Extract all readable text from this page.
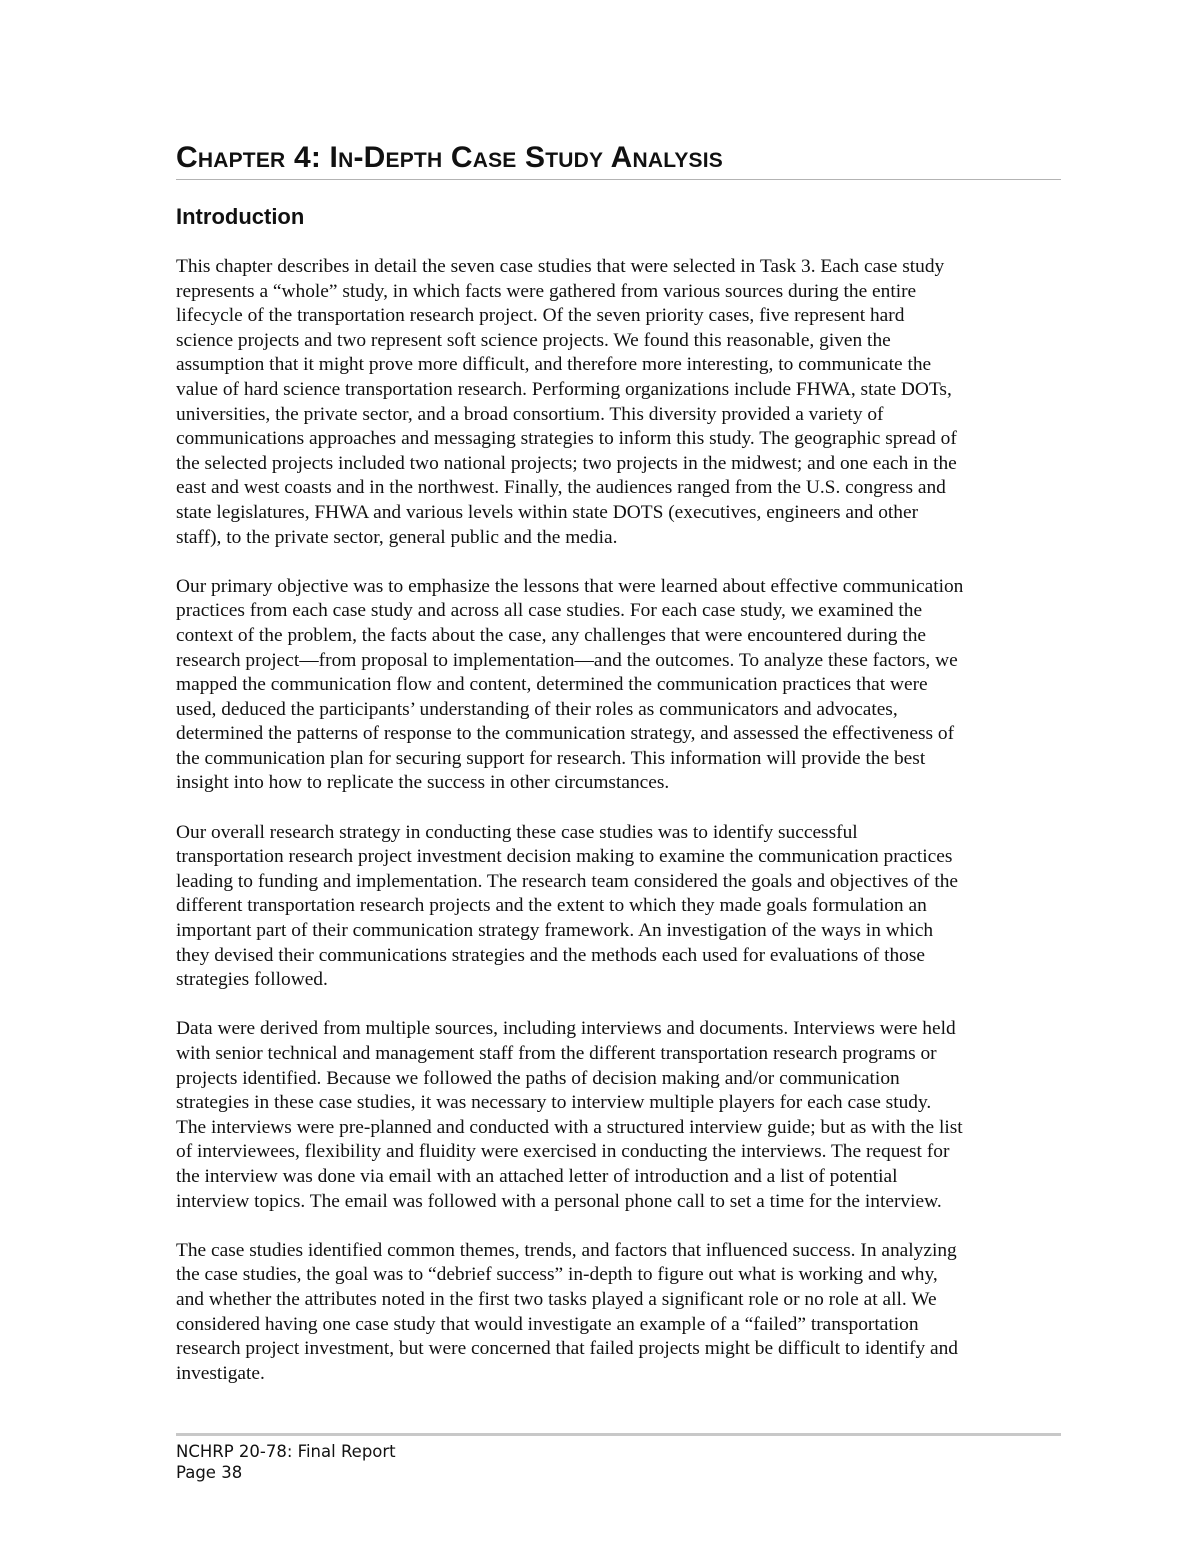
Chapter 4: In-Depth Case Study Analysis
Introduction

This chapter describes in detail the seven case studies that were selected in Task 3. Each case study
represents a “whole” study, in which facts were gathered from various sources during the entire
lifecycle of the transportation research project. Of the seven priority cases, five represent hard
science projects and two represent soft science projects. We found this reasonable, given the
assumption that it might prove more difficult, and therefore more interesting, to communicate the
value of hard science transportation research. Performing organizations include FHWA, state DOTs,
universities, the private sector, and a broad consortium. This diversity provided a variety of
communications approaches and messaging strategies to inform this study. The geographic spread of
the selected projects included two national projects; two projects in the midwest; and one each in the
east and west coasts and in the northwest. Finally, the audiences ranged from the U.S. congress and
state legislatures, FHWA and various levels within state DOTS (executives, engineers and other
staff), to the private sector, general public and the media.

Our primary objective was to emphasize the lessons that were learned about effective communication
practices from each case study and across all case studies. For each case study, we examined the
context of the problem, the facts about the case, any challenges that were encountered during the
research project—from proposal to implementation—and the outcomes. To analyze these factors, we
mapped the communication flow and content, determined the communication practices that were
used, deduced the participants’ understanding of their roles as communicators and advocates,
determined the patterns of response to the communication strategy, and assessed the effectiveness of
the communication plan for securing support for research. This information will provide the best
insight into how to replicate the success in other circumstances.

Our overall research strategy in conducting these case studies was to identify successful
transportation research project investment decision making to examine the communication practices
leading to funding and implementation. The research team considered the goals and objectives of the
different transportation research projects and the extent to which they made goals formulation an
important part of their communication strategy framework. An investigation of the ways in which
they devised their communications strategies and the methods each used for evaluations of those
strategies followed.

Data were derived from multiple sources, including interviews and documents. Interviews were held
with senior technical and management staff from the different transportation research programs or
projects identified. Because we followed the paths of decision making and/or communication
strategies in these case studies, it was necessary to interview multiple players for each case study.
The interviews were pre-planned and conducted with a structured interview guide; but as with the list
of interviewees, flexibility and fluidity were exercised in conducting the interviews. The request for
the interview was done via email with an attached letter of introduction and a list of potential
interview topics. The email was followed with a personal phone call to set a time for the interview.

The case studies identified common themes, trends, and factors that influenced success. In analyzing
the case studies, the goal was to “debrief success” in-depth to figure out what is working and why,
and whether the attributes noted in the first two tasks played a significant role or no role at all. We
considered having one case study that would investigate an example of a “failed” transportation
research project investment, but were concerned that failed projects might be difficult to identify and
investigate.

NCHRP 20-78: Final Report
Page 38
